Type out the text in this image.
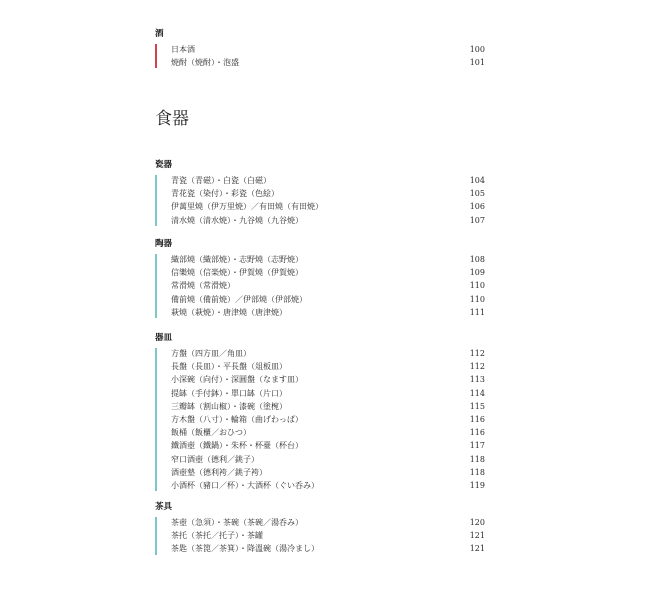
酒
日本酒	100
焼酎（焼酎）・泡盛	101
食器
瓷器
青瓷（青磁）・白瓷（白磁）	104
青花瓷（染付）・彩瓷（色絵）	105
伊萬里燒（伊万里焼）／有田燒（有田焼）	106
清水燒（清水焼）・九谷燒（九谷焼）	107
陶器
織部燒（織部焼）・志野燒（志野焼）	108
信樂燒（信楽焼）・伊賀燒（伊賀焼）	109
常滑燒（常滑焼）	110
備前燒（備前焼）／伊部燒（伊部焼）	110
萩燒（萩焼）・唐津燒（唐津焼）	111
器皿
方盤（四方皿／角皿）	112
長盤（長皿）・平長盤（俎板皿）	112
小深碗（向付）・深圓盤（なます皿）	113
提缽（手付鉢）・單口缽（片口）	114
三瓣缽（割山椒）・漆碗（塗椀）	115
方木盤（八寸）・輪箱（曲げわっぱ）	116
飯桶（飯櫃／おひつ）	116
鐵酒壺（鐵鍋）・朱杯・杯臺（杯台）	117
窄口酒壺（德利／銚子）	118
酒壺墊（德利袴／銚子袴）	118
小酒杯（豬口／杯）・大酒杯（ぐい呑み）	119
茶具
茶壺（急須）・茶碗（茶碗／湯呑み）	120
茶托（茶托／托子）・茶罐	121
茶匙（茶箆／茶箕）・降溫碗（湯冷まし）	121
